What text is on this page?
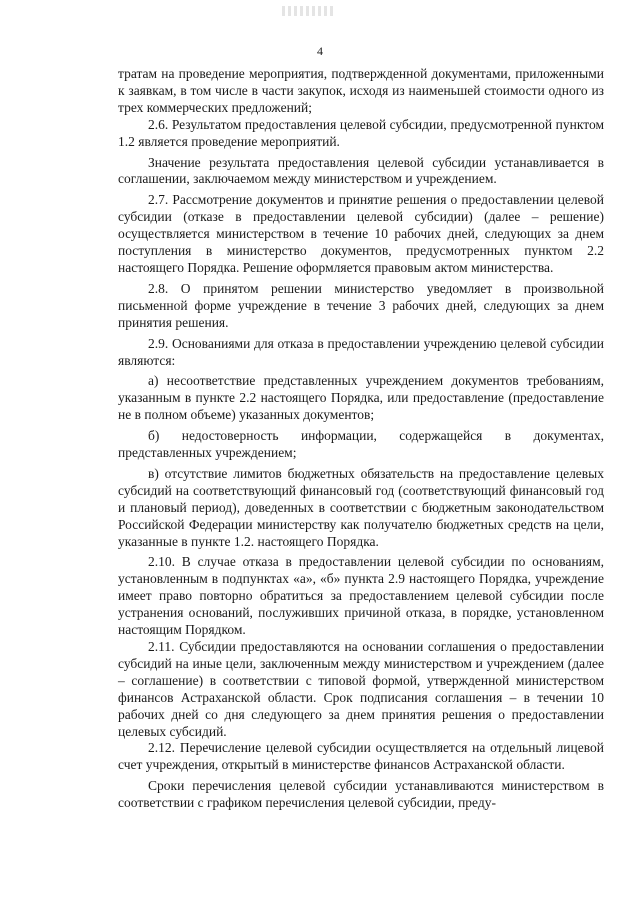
4

тратам на проведение мероприятия, подтвержденной документами, приложенными к заявкам, в том числе в части закупок, исходя из наименьшей стоимости одного из трех коммерческих предложений;

2.6. Результатом предоставления целевой субсидии, предусмотренной пунктом 1.2 является проведение мероприятий.

Значение результата предоставления целевой субсидии устанавливается в соглашении, заключаемом между министерством и учреждением.

2.7. Рассмотрение документов и принятие решения о предоставлении целевой субсидии (отказе в предоставлении целевой субсидии) (далее – решение) осуществляется министерством в течение 10 рабочих дней, следующих за днем поступления в министерство документов, предусмотренных пунктом 2.2 настоящего Порядка. Решение оформляется правовым актом министерства.

2.8. О принятом решении министерство уведомляет в произвольной письменной форме учреждение в течение 3 рабочих дней, следующих за днем принятия решения.

2.9. Основаниями для отказа в предоставлении учреждению целевой субсидии являются:

а) несоответствие представленных учреждением документов требованиям, указанным в пункте 2.2 настоящего Порядка, или предоставление (предоставление не в полном объеме) указанных документов;

б) недостоверность информации, содержащейся в документах, представленных учреждением;

в) отсутствие лимитов бюджетных обязательств на предоставление целевых субсидий на соответствующий финансовый год (соответствующий финансовый год и плановый период), доведенных в соответствии с бюджетным законодательством Российской Федерации министерству как получателю бюджетных средств на цели, указанные в пункте 1.2. настоящего Порядка.

2.10. В случае отказа в предоставлении целевой субсидии по основаниям, установленным в подпунктах «а», «б» пункта 2.9 настоящего Порядка, учреждение имеет право повторно обратиться за предоставлением целевой субсидии после устранения оснований, послуживших причиной отказа, в порядке, установленном настоящим Порядком.

2.11. Субсидии предоставляются на основании соглашения о предоставлении субсидий на иные цели, заключенным между министерством и учреждением (далее – соглашение) в соответствии с типовой формой, утвержденной министерством финансов Астраханской области. Срок подписания соглашения – в течении 10 рабочих дней со дня следующего за днем принятия решения о предоставлении целевых субсидий.

2.12. Перечисление целевой субсидии осуществляется на отдельный лицевой счет учреждения, открытый в министерстве финансов Астраханской области.

Сроки перечисления целевой субсидии устанавливаются министерством в соответствии с графиком перечисления целевой субсидии, преду-
